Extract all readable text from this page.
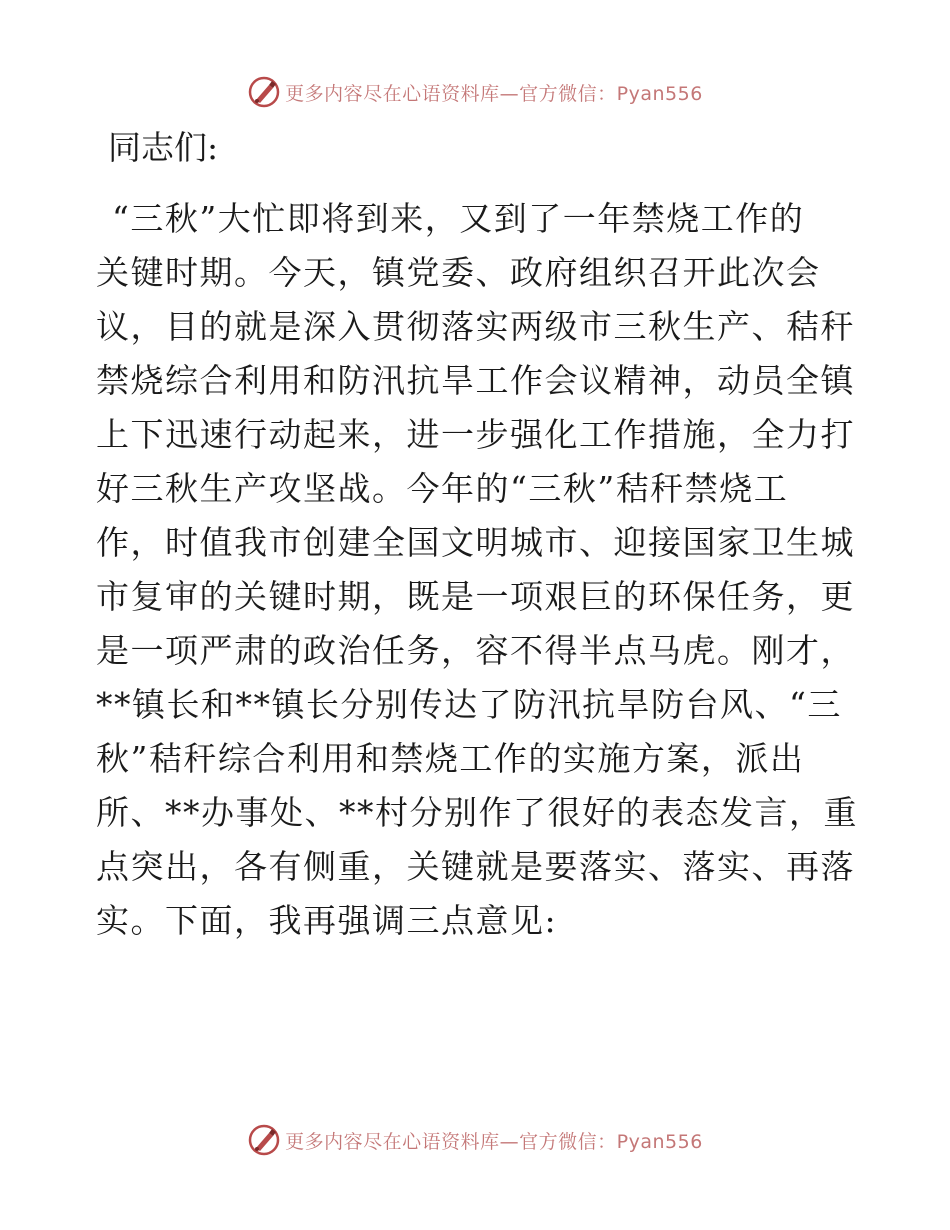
更多内容尽在心语资料库—官方微信：Pyan556
同志们:
“三秋”大忙即将到来，又到了一年禁烧工作的
关键时期。今天，镇党委、政府组织召开此次会
议，目的就是深入贯彻落实两级市三秋生产、秸秆
禁烧综合利用和防汛抗旱工作会议精神，动员全镇
上下迅速行动起来，进一步强化工作措施，全力打
好三秋生产攻坚战。今年的“三秋”秸秆禁烧工
作，时值我市创建全国文明城市、迎接国家卫生城
市复审的关键时期，既是一项艰巨的环保任务，更
是一项严肃的政治任务，容不得半点马虎。刚才，
**镇长和**镇长分别传达了防汛抗旱防台风、“三
秋”秸秆综合利用和禁烧工作的实施方案，派出
所、**办事处、**村分别作了很好的表态发言，重
点突出，各有侧重，关键就是要落实、落实、再落
实。下面，我再强调三点意见:
更多内容尽在心语资料库—官方微信：Pyan556
